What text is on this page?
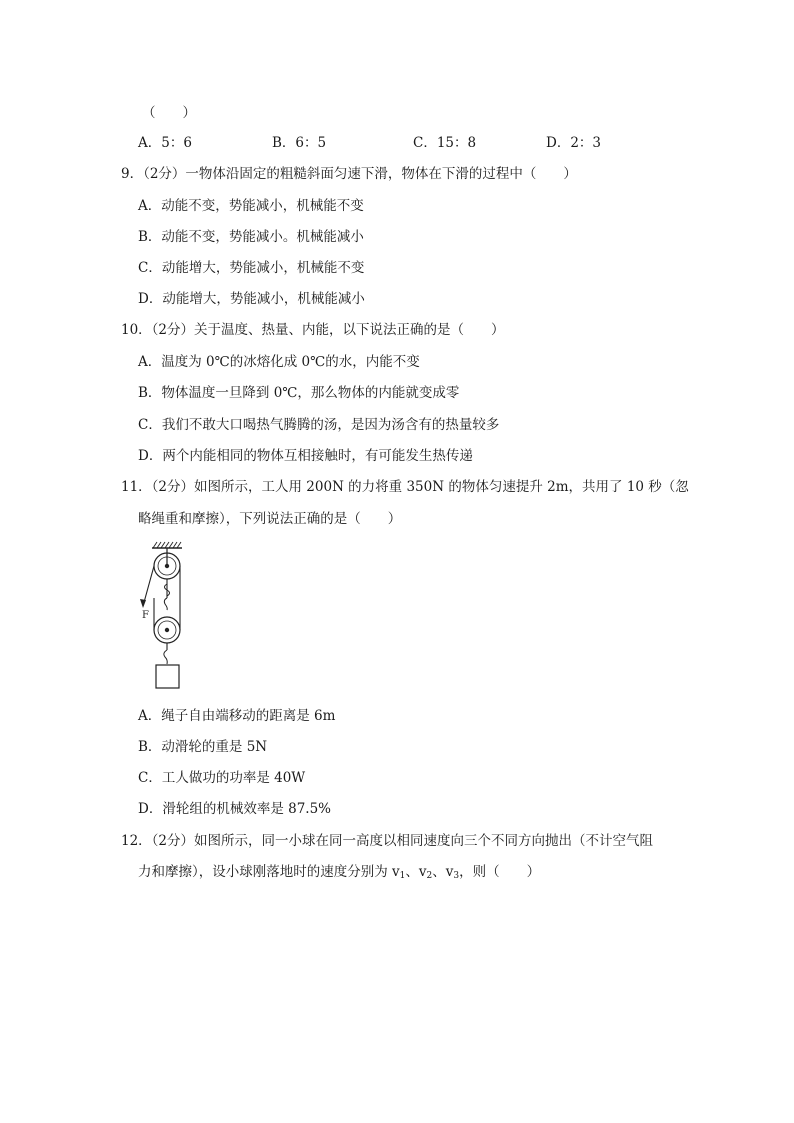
（　　）
A．5：6	B．6：5	C．15：8	D．2：3
9．（2分）一物体沿固定的粗糙斜面匀速下滑，物体在下滑的过程中（　　）
A．动能不变，势能减小，机械能不变
B．动能不变，势能减小。机械能减小
C．动能增大，势能减小，机械能不变
D．动能增大，势能减小，机械能减小
10．（2分）关于温度、热量、内能，以下说法正确的是（　　）
A．温度为 0℃的冰熔化成 0℃的水，内能不变
B．物体温度一旦降到 0℃，那么物体的内能就变成零
C．我们不敢大口喝热气腾腾的汤，是因为汤含有的热量较多
D．两个内能相同的物体互相接触时，有可能发生热传递
11．（2分）如图所示，工人用 200N 的力将重 350N 的物体匀速提升 2m，共用了 10 秒（忽
略绳重和摩擦），下列说法正确的是（　　）
F
A．绳子自由端移动的距离是 6m
B．动滑轮的重是 5N
C．工人做功的功率是 40W
D．滑轮组的机械效率是 87.5%
12．（2分）如图所示，同一小球在同一高度以相同速度向三个不同方向抛出（不计空气阻
力和摩擦），设小球刚落地时的速度分别为 $v_1$、$v_2$、$v_3$，则（　　）
